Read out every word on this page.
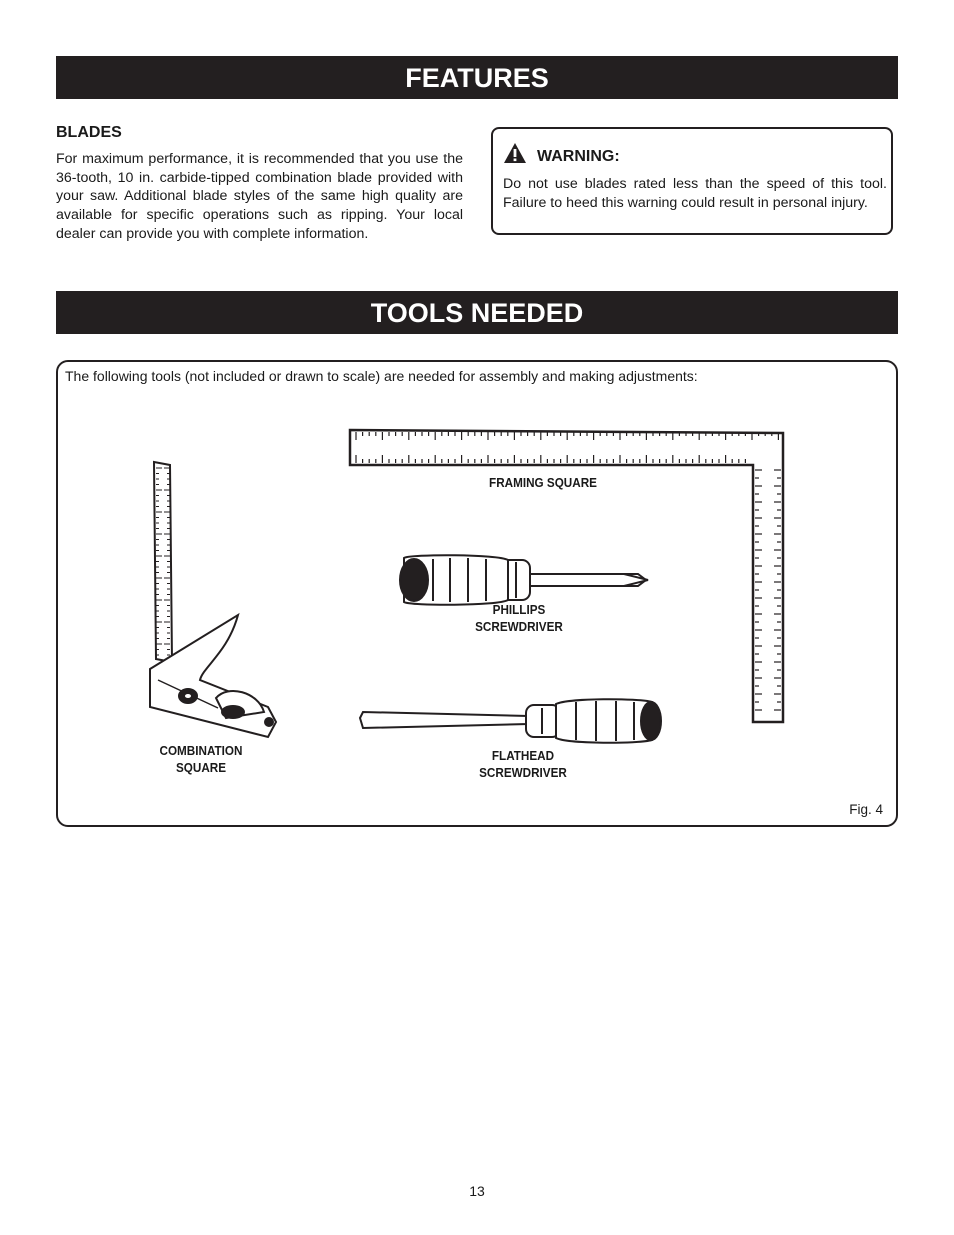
FEATURES
BLADES
For maximum performance, it is recommended that you use the 36-tooth, 10 in. carbide-tipped combination blade provided with your saw. Additional blade styles of the same high quality are available for specific operations such as ripping. Your local dealer can provide you with complete information.
WARNING:
Do not use blades rated less than the speed of this tool. Failure to heed this warning could result in personal injury.
TOOLS NEEDED
The following tools (not included or drawn to scale) are needed for assembly and making adjustments:
FRAMING SQUARE
PHILLIPS
SCREWDRIVER
COMBINATION
SQUARE
FLATHEAD
SCREWDRIVER
Fig. 4
13
